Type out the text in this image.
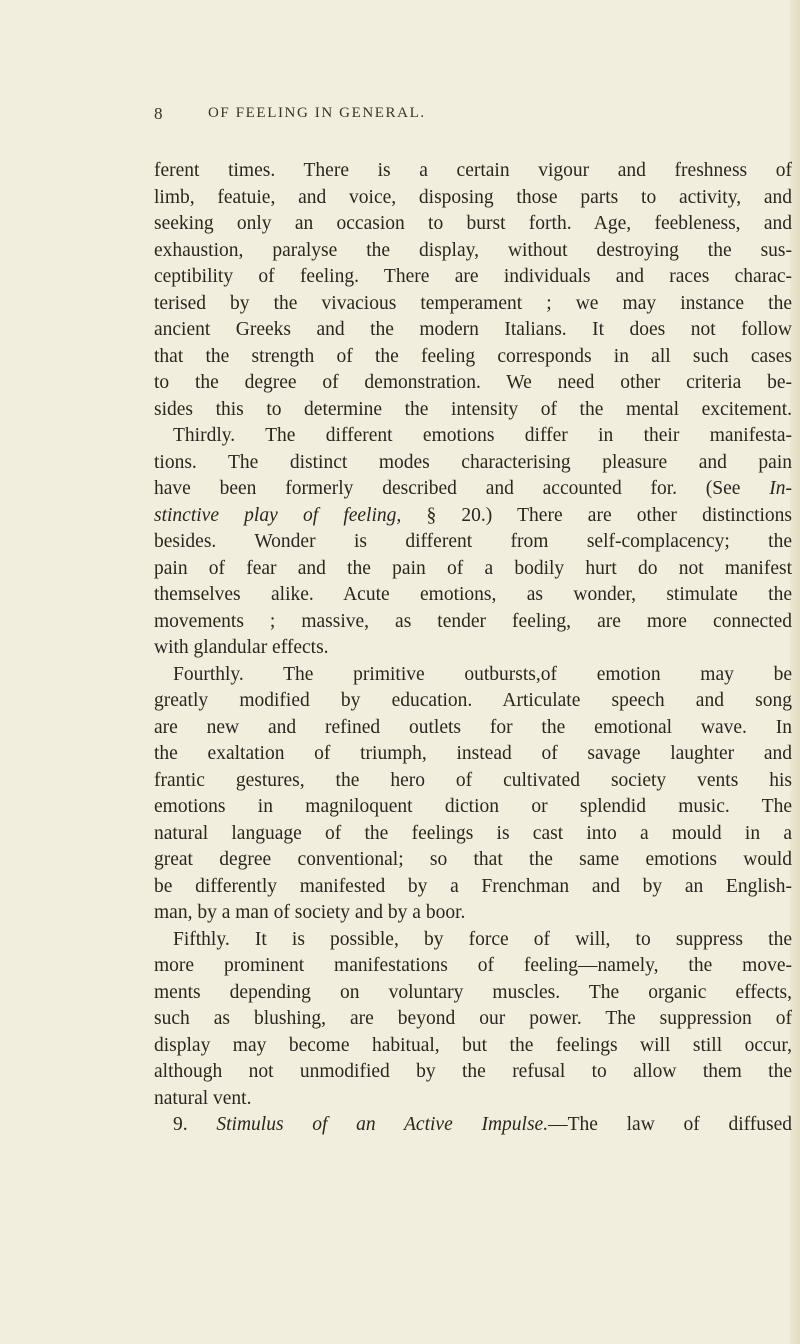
8	OF FEELING IN GENERAL.
ferent times. There is a certain vigour and freshness of
limb, featuie, and voice, disposing those parts to activity, and
seeking only an occasion to burst forth. Age, feebleness, and
exhaustion, paralyse the display, without destroying the sus-
ceptibility of feeling. There are individuals and races charac-
terised by the vivacious temperament ; we may instance the
ancient Greeks and the modern Italians. It does not follow
that the strength of the feeling corresponds in all such cases
to the degree of demonstration. We need other criteria be-
sides this to determine the intensity of the mental excitement.
Thirdly. The different emotions differ in their manifesta-
tions. The distinct modes characterising pleasure and pain
have been formerly described and accounted for. (See In-
stinctive play of feeling, § 20.) There are other distinctions
besides. Wonder is different from self-complacency; the
pain of fear and the pain of a bodily hurt do not manifest
themselves alike. Acute emotions, as wonder, stimulate the
movements ; massive, as tender feeling, are more connected
with glandular effects.
Fourthly. The primitive outbursts,of emotion may be
greatly modified by education. Articulate speech and song
are new and refined outlets for the emotional wave. In
the exaltation of triumph, instead of savage laughter and
frantic gestures, the hero of cultivated society vents his
emotions in magniloquent diction or splendid music. The
natural language of the feelings is cast into a mould in a
great degree conventional; so that the same emotions would
be differently manifested by a Frenchman and by an English-
man, by a man of society and by a boor.
Fifthly. It is possible, by force of will, to suppress the
more prominent manifestations of feeling—namely, the move-
ments depending on voluntary muscles. The organic effects,
such as blushing, are beyond our power. The suppression of
display may become habitual, but the feelings will still occur,
although not unmodified by the refusal to allow them the
natural vent.
9. Stimulus of an Active Impulse.—The law of diffused
